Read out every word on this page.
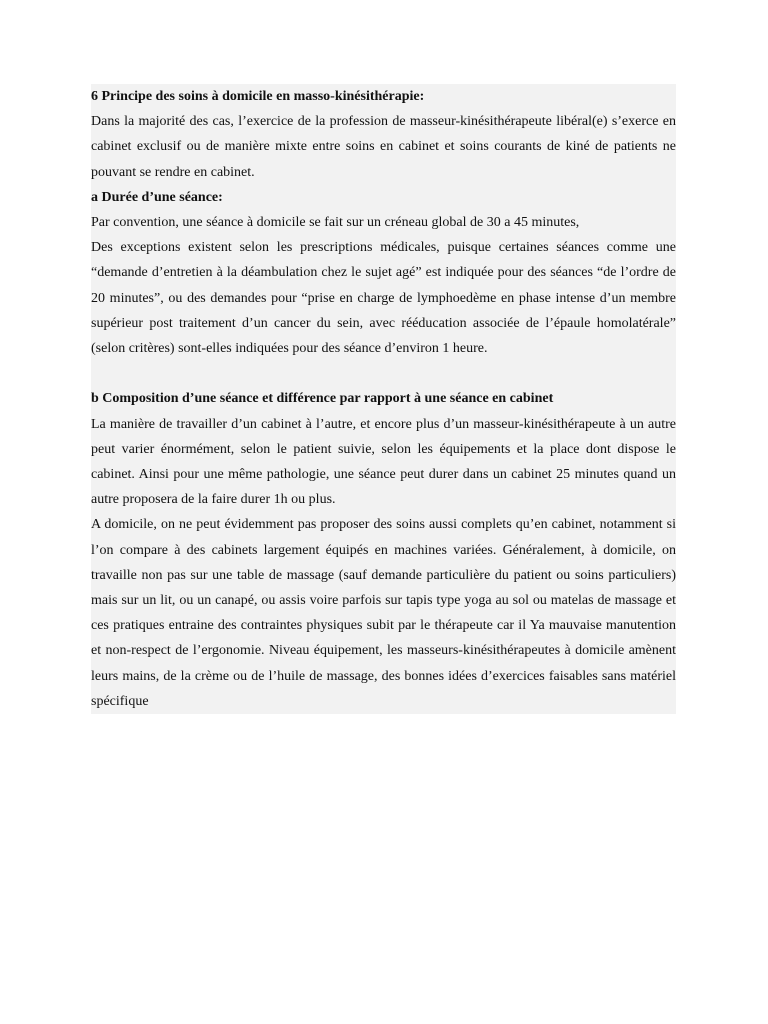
6 Principe des soins à domicile en masso-kinésithérapie:

Dans la majorité des cas, l’exercice de la profession de masseur-kinésithérapeute libéral(e) s’exerce en cabinet exclusif ou de manière mixte entre soins en cabinet et soins courants de kiné de patients ne pouvant se rendre en cabinet.

a Durée d’une séance:

Par convention, une séance à domicile se fait sur un créneau global de 30 a 45 minutes,

Des exceptions existent selon les prescriptions médicales, puisque certaines séances comme une “demande d’entretien à la déambulation chez le sujet agé” est indiquée pour des séances “de l’ordre de 20 minutes”, ou des demandes pour “prise en charge de lymphoedème en phase intense d’un membre supérieur post traitement d’un cancer du sein, avec rééducation associée de l’épaule homolatérale” (selon critères) sont-elles indiquées pour des séance d’environ 1 heure.

b Composition d’une séance et différence par rapport à une séance en cabinet

La manière de travailler d’un cabinet à l’autre, et encore plus d’un masseur-kinésithérapeute à un autre peut varier énormément, selon le patient suivie, selon les équipements et la place dont dispose le cabinet. Ainsi pour une même pathologie, une séance peut durer dans un cabinet 25 minutes quand un autre proposera de la faire durer 1h ou plus.

A domicile, on ne peut évidemment pas proposer des soins aussi complets qu’en cabinet, notamment si l’on compare à des cabinets largement équipés en machines variées. Généralement, à domicile, on travaille non pas sur une table de massage (sauf demande particulière du patient ou soins particuliers) mais sur un lit, ou un canapé, ou assis voire parfois sur tapis type yoga au sol ou matelas de massage et ces pratiques entraine des contraintes physiques subit par le thérapeute car il Ya mauvaise manutention et non-respect de l’ergonomie. Niveau équipement, les masseurs-kinésithérapeutes à domicile amènent leurs mains, de la crème ou de l’huile de massage, des bonnes idées d’exercices faisables sans matériel spécifique
